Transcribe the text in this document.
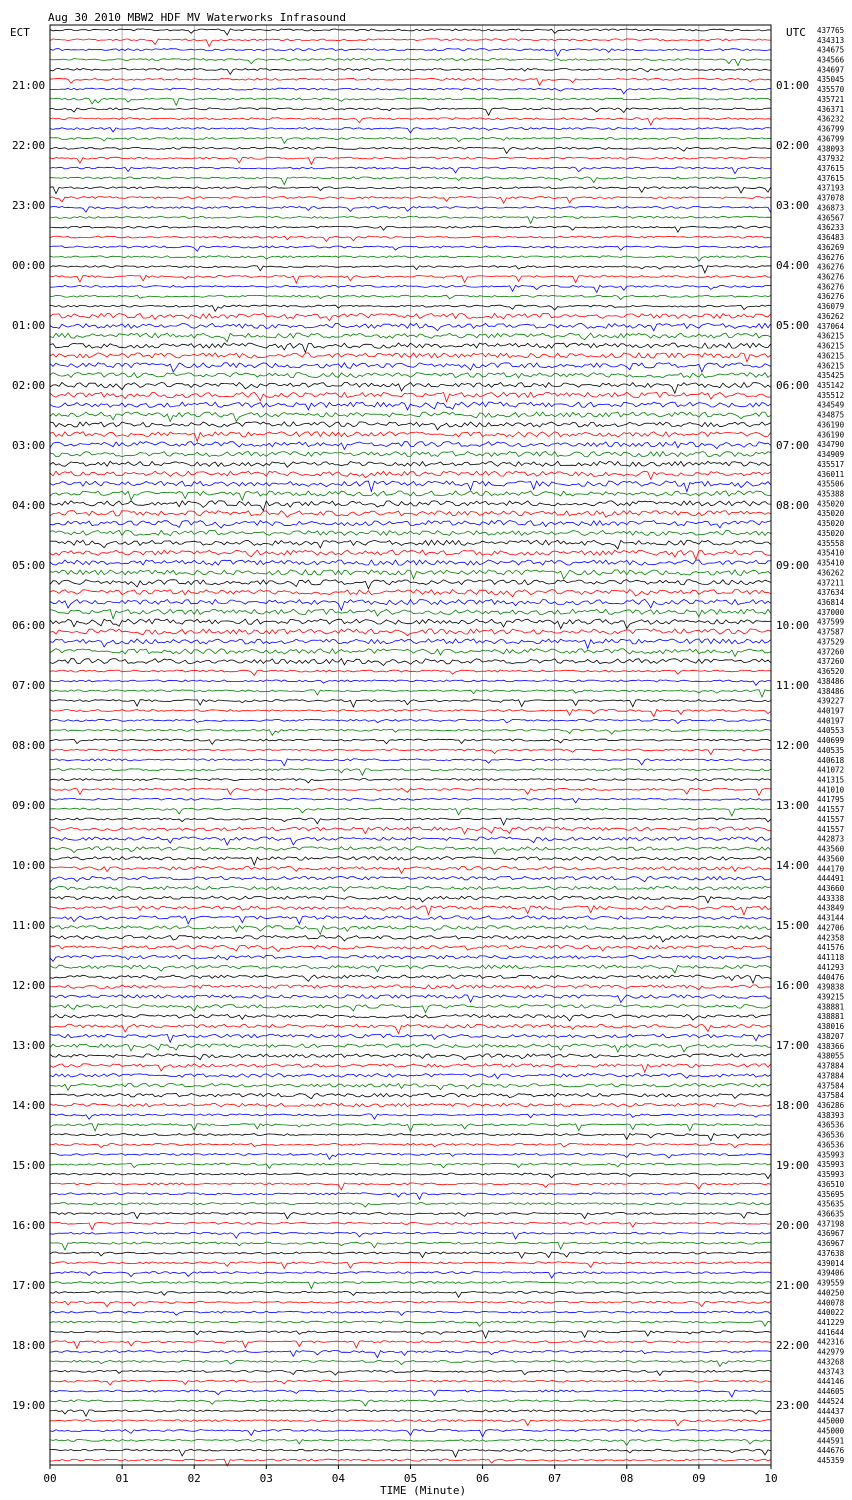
Aug 30 2010 MBW2 HDF MV Waterworks Infrasound
ECT	UTC
21:00
22:00
23:00
00:00
01:00
02:00
03:00
04:00
05:00
06:00
07:00
08:00
09:00
10:00
11:00
12:00
13:00
14:00
15:00
16:00
17:00
18:00
19:00
01:00
02:00
03:00
04:00
05:00
06:00
07:00
08:00
09:00
10:00
11:00
12:00
13:00
14:00
15:00
16:00
17:00
18:00
19:00
20:00
21:00
22:00
23:00
437765
434313
434675
434566
434697
435045
435570
435721
436371
436232
436799
436799
438093
437932
437615
437615
437193
437078
436873
436567
436233
436483
436269
436276
436276
436276
436276
436276
436079
436262
437064
436215
436215
436215
436215
435425
435142
435512
434549
434875
436190
436190
434790
434909
435517
436011
435506
435388
435020
435020
435020
435020
435558
435410
435410
436262
437211
437634
436814
437000
437599
437587
437529
437260
437260
436520
438486
438486
439227
440197
440197
440553
440699
440535
440618
441072
441315
441010
441795
441557
441557
441557
442873
443560
443560
444170
444491
443660
443338
443849
443144
442706
442358
441576
441118
441293
440476
439838
439215
438881
438881
438016
438207
438366
438055
437884
437884
437584
437584
436286
438393
436536
436536
436536
435993
435993
435993
436510
435695
435635
436635
437198
436967
436967
437638
439014
439406
439559
440250
440078
440022
441229
441644
442316
442979
443268
443743
444146
444605
444524
444437
445000
445000
444591
444676
445359
00	01	02	03	04	05	06	07	08	09	10
TIME (Minute)
